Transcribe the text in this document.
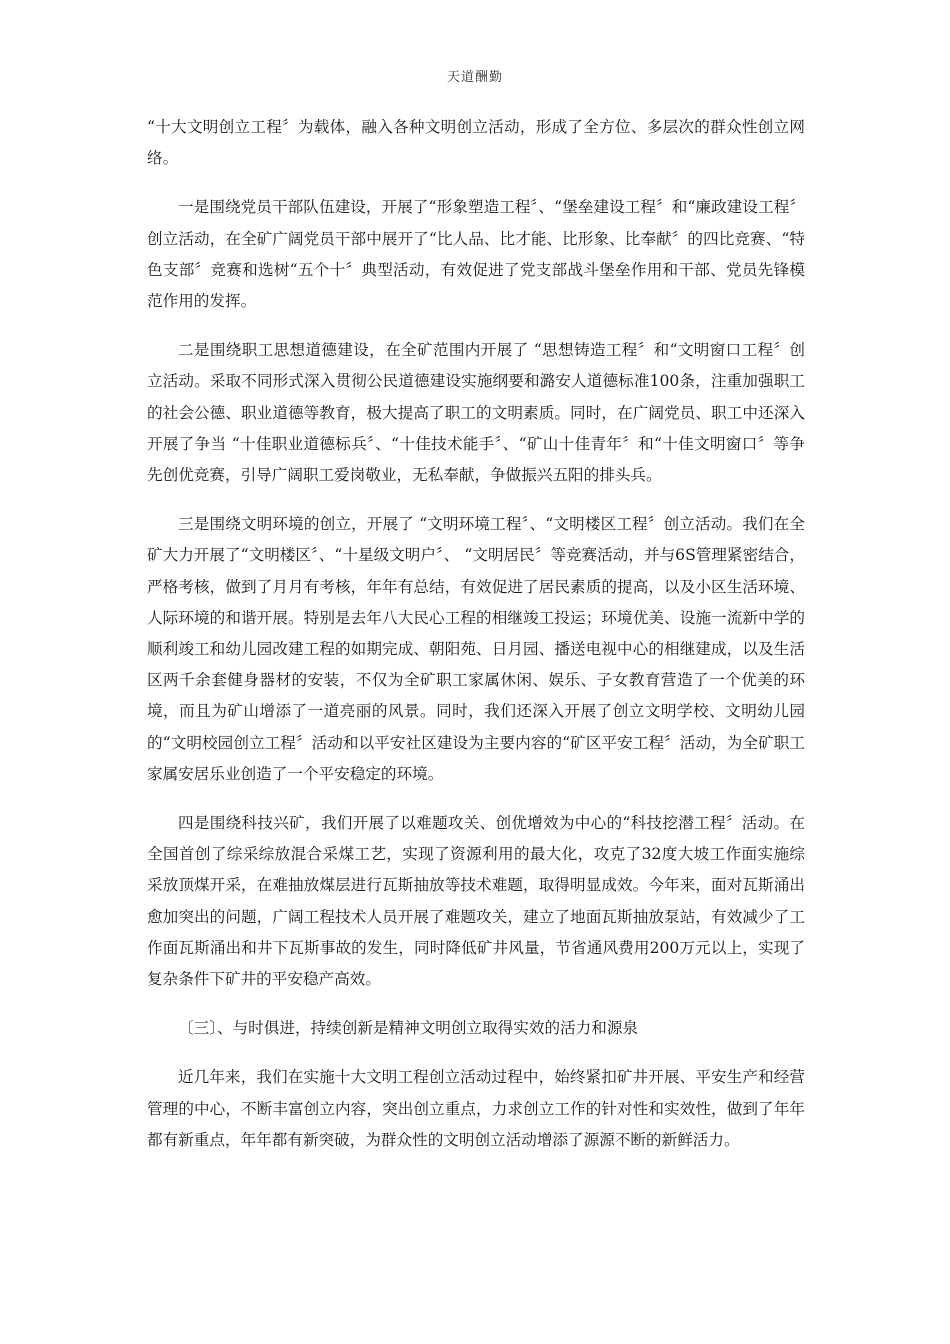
天道酬勤

“十大文明创立工程〞为载体，融入各种文明创立活动，形成了全方位、多层次的群众性创立网络。

一是围绕党员干部队伍建设，开展了“形象塑造工程〞、“堡垒建设工程〞和“廉政建设工程〞创立活动，在全矿广阔党员干部中展开了“比人品、比才能、比形象、比奉献〞的四比竞赛、“特色支部〞竞赛和选树“五个十〞典型活动，有效促进了党支部战斗堡垒作用和干部、党员先锋模范作用的发挥。

二是围绕职工思想道德建设，在全矿范围内开展了 “思想铸造工程〞和“文明窗口工程〞创立活动。采取不同形式深入贯彻公民道德建设实施纲要和潞安人道德标准100条，注重加强职工的社会公德、职业道德等教育，极大提高了职工的文明素质。同时，在广阔党员、职工中还深入开展了争当 “十佳职业道德标兵〞、“十佳技术能手〞、“矿山十佳青年〞和“十佳文明窗口〞等争先创优竞赛，引导广阔职工爱岗敬业，无私奉献，争做振兴五阳的排头兵。

三是围绕文明环境的创立，开展了 “文明环境工程〞、“文明楼区工程〞创立活动。我们在全矿大力开展了“文明楼区〞、“十星级文明户〞、 “文明居民〞等竞赛活动，并与6S管理紧密结合，严格考核，做到了月月有考核，年年有总结，有效促进了居民素质的提高，以及小区生活环境、人际环境的和谐开展。特别是去年八大民心工程的相继竣工投运；环境优美、设施一流新中学的顺利竣工和幼儿园改建工程的如期完成、朝阳苑、日月园、播送电视中心的相继建成，以及生活区两千余套健身器材的安装，不仅为全矿职工家属休闲、娱乐、子女教育营造了一个优美的环境，而且为矿山增添了一道亮丽的风景。同时，我们还深入开展了创立文明学校、文明幼儿园的“文明校园创立工程〞活动和以平安社区建设为主要内容的“矿区平安工程〞活动，为全矿职工家属安居乐业创造了一个平安稳定的环境。

四是围绕科技兴矿，我们开展了以难题攻关、创优增效为中心的“科技挖潜工程〞活动。在全国首创了综采综放混合采煤工艺，实现了资源利用的最大化，攻克了32度大坡工作面实施综采放顶煤开采，在难抽放煤层进行瓦斯抽放等技术难题，取得明显成效。今年来，面对瓦斯涌出愈加突出的问题，广阔工程技术人员开展了难题攻关，建立了地面瓦斯抽放泵站，有效减少了工作面瓦斯涌出和井下瓦斯事故的发生，同时降低矿井风量，节省通风费用200万元以上，实现了复杂条件下矿井的平安稳产高效。

〔三〕、与时俱进，持续创新是精神文明创立取得实效的活力和源泉

近几年来，我们在实施十大文明工程创立活动过程中，始终紧扣矿井开展、平安生产和经营管理的中心，不断丰富创立内容，突出创立重点，力求创立工作的针对性和实效性，做到了年年都有新重点，年年都有新突破，为群众性的文明创立活动增添了源源不断的新鲜活力。
